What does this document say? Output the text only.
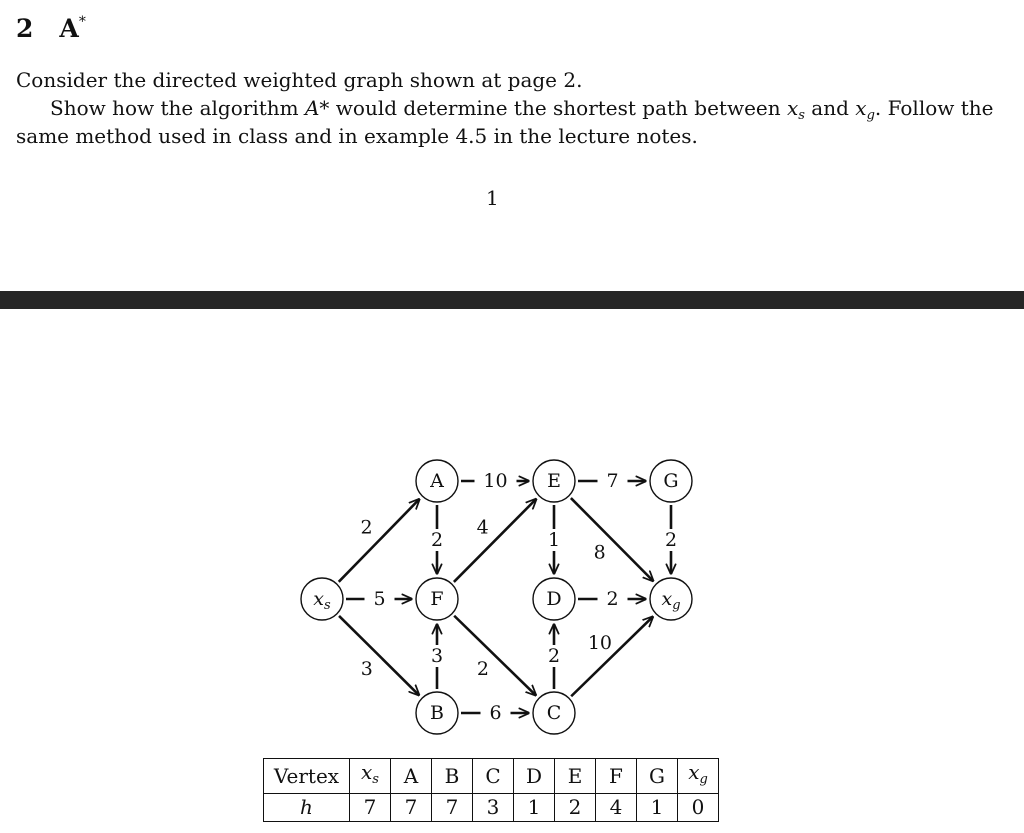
2 A*
Consider the directed weighted graph shown at page 2.
Show how the algorithm A* would determine the shortest path between $x_s$ and $x_g$. Follow the
same method used in class and in example 4.5 in the lecture notes.
1
2
5
3
2
10
3
6
4
2
1
7
8
2
10
2
2
$x_s$
A
F
B
E
D
C
G
$x_g$
Vertex	$x_s$	A	B	C	D	E	F	G	$x_g$
h	7	7	7	3	1	2	4	1	0
